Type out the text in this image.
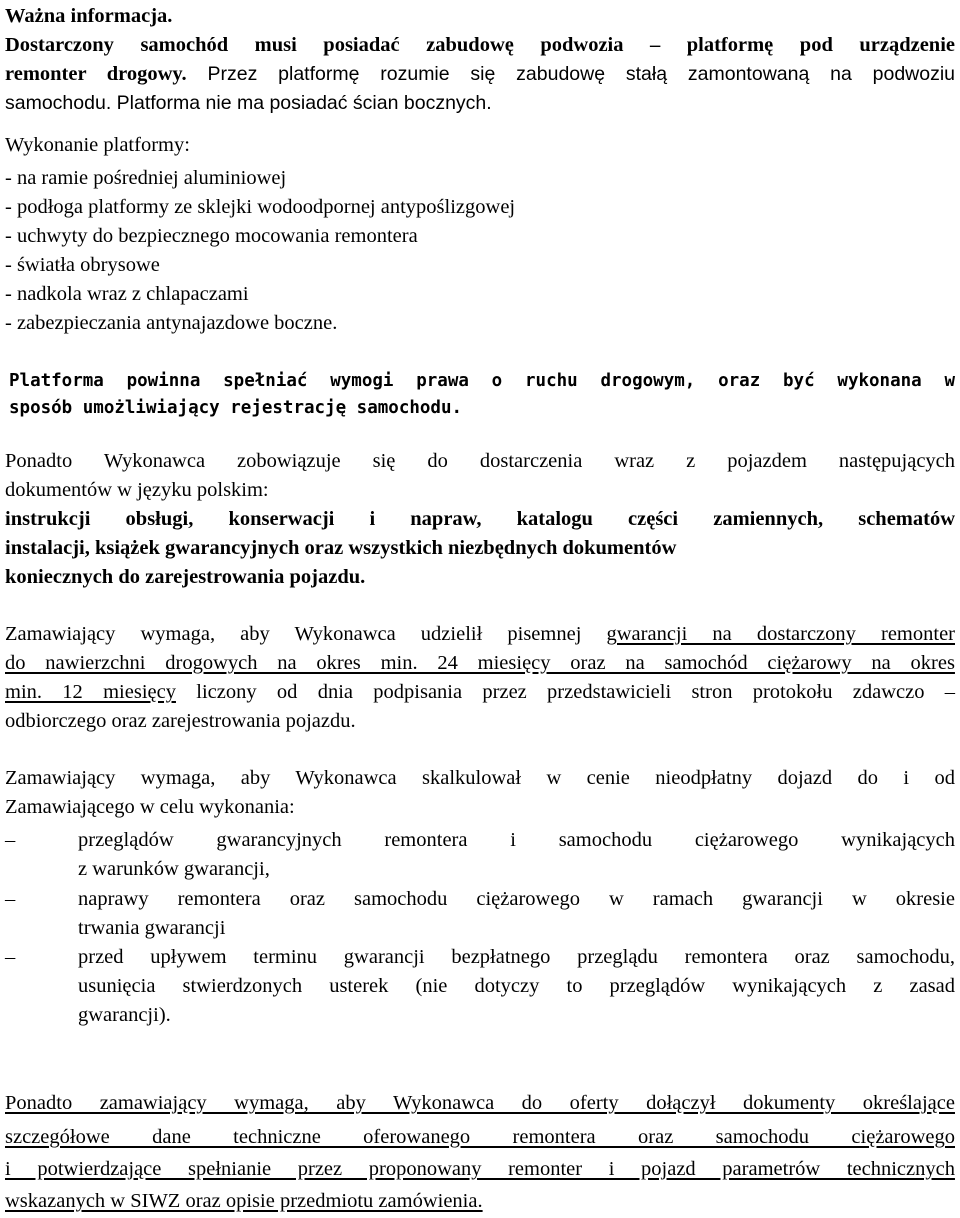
Ważna informacja.
Dostarczony samochód musi posiadać zabudowę podwozia – platformę pod urządzenie
remonter drogowy. Przez platformę rozumie się zabudowę stałą zamontowaną na podwoziu
samochodu. Platforma nie ma posiadać ścian bocznych.
Wykonanie platformy:
- na ramie pośredniej aluminiowej
- podłoga platformy ze sklejki wodoodpornej antypoślizgowej
- uchwyty do bezpiecznego mocowania remontera
- światła obrysowe
- nadkola wraz z chlapaczami
- zabezpieczania antynajazdowe boczne.
Platforma powinna spełniać wymogi prawa o ruchu drogowym, oraz być wykonana w
sposób umożliwiający rejestrację samochodu.
Ponadto Wykonawca zobowiązuje się do dostarczenia wraz z pojazdem następujących
dokumentów w języku polskim:
instrukcji obsługi, konserwacji i napraw, katalogu części zamiennych, schematów
instalacji, książek gwarancyjnych oraz wszystkich niezbędnych dokumentów
koniecznych do zarejestrowania pojazdu.
Zamawiający wymaga, aby Wykonawca udzielił pisemnej gwarancji na dostarczony remonter
do nawierzchni drogowych na okres min. 24 miesięcy oraz na samochód ciężarowy na okres
min. 12 miesięcy liczony od dnia podpisania przez przedstawicieli stron protokołu zdawczo –
odbiorczego oraz zarejestrowania pojazdu.
Zamawiający wymaga, aby Wykonawca skalkulował w cenie nieodpłatny dojazd do i od
Zamawiającego w celu wykonania:
–	przeglądów gwarancyjnych remontera i samochodu ciężarowego wynikających
z warunków gwarancji,
–	naprawy remontera oraz samochodu ciężarowego w ramach gwarancji w okresie
trwania gwarancji
–	przed upływem terminu gwarancji bezpłatnego przeglądu remontera oraz samochodu,
usunięcia stwierdzonych usterek (nie dotyczy to przeglądów wynikających z zasad
gwarancji).
Ponadto zamawiający wymaga, aby Wykonawca do oferty dołączył dokumenty określające
szczegółowe dane techniczne oferowanego remontera oraz samochodu ciężarowego
i potwierdzające spełnianie przez proponowany remonter i pojazd parametrów technicznych
wskazanych w SIWZ oraz opisie przedmiotu zamówienia.
